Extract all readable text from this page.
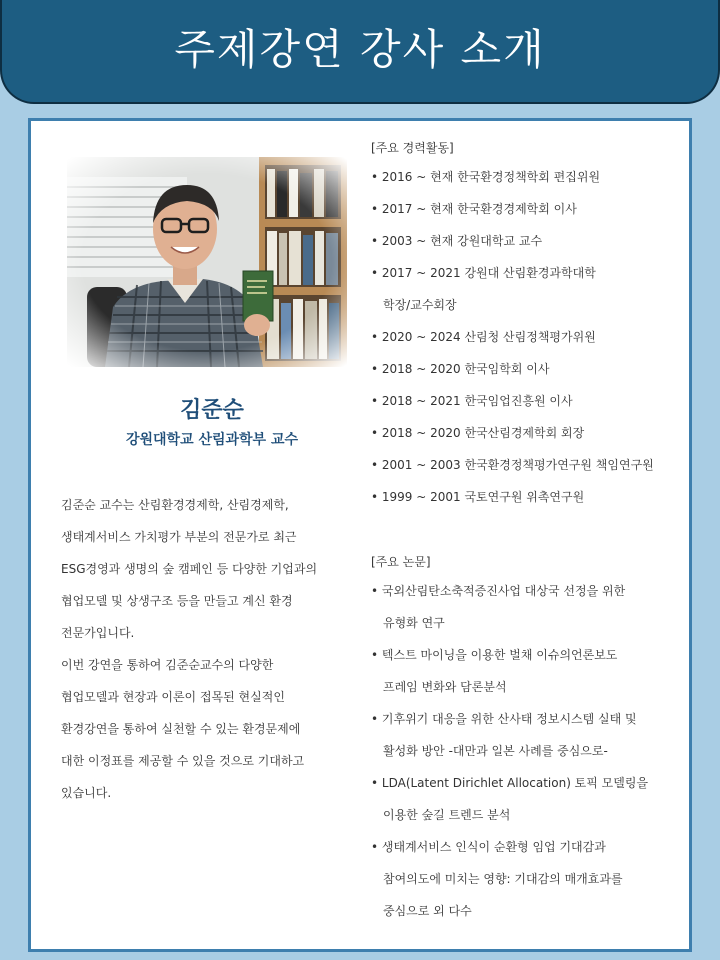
주제강연 강사 소개
김준순
강원대학교 산림과학부 교수

김준순 교수는 산림환경경제학, 산림경제학,

생태계서비스 가치평가 부분의 전문가로 최근

ESG경영과 생명의 숲 캠페인 등 다양한 기업과의

협업모델 및 상생구조 등을 만들고 계신 환경

전문가입니다.

이번 강연을 통하여 김준순교수의 다양한

협업모델과 현장과 이론이 접목된 현실적인

환경강연을 통하여 실천할 수 있는 환경문제에

대한 이정표를 제공할 수 있을 것으로 기대하고

있습니다.

[주요 경력활동]
• 2016 ~ 현재 한국환경정책학회 편집위원
• 2017 ~ 현재 한국환경경제학회 이사
• 2003 ~ 현재 강원대학교 교수
• 2017 ~ 2021 강원대 산림환경과학대학
학장/교수회장
• 2020 ~ 2024 산림청 산림정책평가위원
• 2018 ~ 2020 한국임학회 이사
• 2018 ~ 2021 한국임업진흥원 이사
• 2018 ~ 2020 한국산림경제학회 회장
• 2001 ~ 2003 한국환경정책평가연구원 책임연구원
• 1999 ~ 2001 국토연구원 위촉연구원
[주요 논문]
• 국외산림탄소축적증진사업 대상국 선정을 위한
유형화 연구
• 텍스트 마이닝을 이용한 벌채 이슈의언론보도
프레임 변화와 담론분석
• 기후위기 대응을 위한 산사태 정보시스템 실태 및
활성화 방안 -대만과 일본 사례를 중심으로-
• LDA(Latent Dirichlet Allocation) 토픽 모델링을
이용한 숲길 트렌드 분석
• 생태계서비스 인식이 순환형 임업 기대감과
참여의도에 미치는 영향: 기대감의 매개효과를
중심으로 외 다수
